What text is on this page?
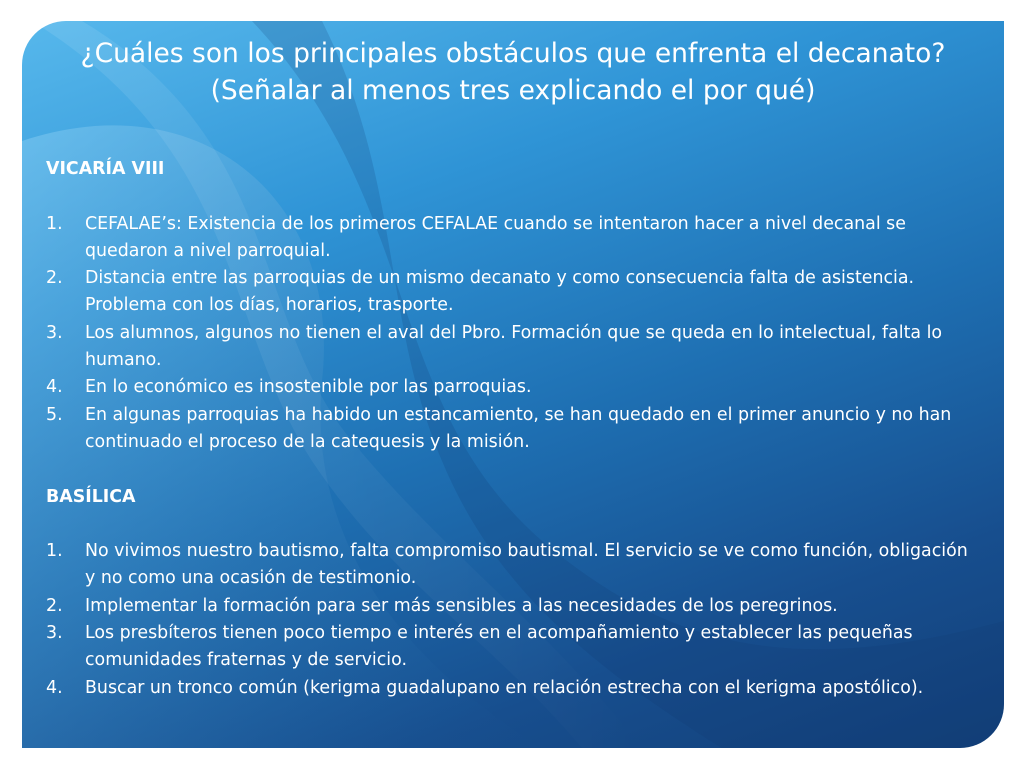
¿Cuáles son los principales obstáculos que enfrenta el decanato? (Señalar al menos tres explicando el por qué)

VICARÍA VIII

1. CEFALAE’s: Existencia de los primeros CEFALAE cuando se intentaron hacer a nivel decanal se quedaron a nivel parroquial.
2. Distancia entre las parroquias de un mismo decanato y como consecuencia falta de asistencia. Problema con los días, horarios, trasporte.
3. Los alumnos, algunos no tienen el aval del Pbro. Formación que se queda en lo intelectual, falta lo humano.
4. En lo económico es insostenible por las parroquias.
5. En algunas parroquias ha habido un estancamiento, se han quedado en el primer anuncio y no han continuado el proceso de la catequesis y la misión.

BASÍLICA

1. No vivimos nuestro bautismo, falta compromiso bautismal. El servicio se ve como función, obligación y no como una ocasión de testimonio.
2. Implementar la formación para ser más sensibles a las necesidades de los peregrinos.
3. Los presbíteros tienen poco tiempo e interés en el acompañamiento y establecer las pequeñas comunidades fraternas y de servicio.
4. Buscar un tronco común (kerigma guadalupano en relación estrecha con el kerigma apostólico).
